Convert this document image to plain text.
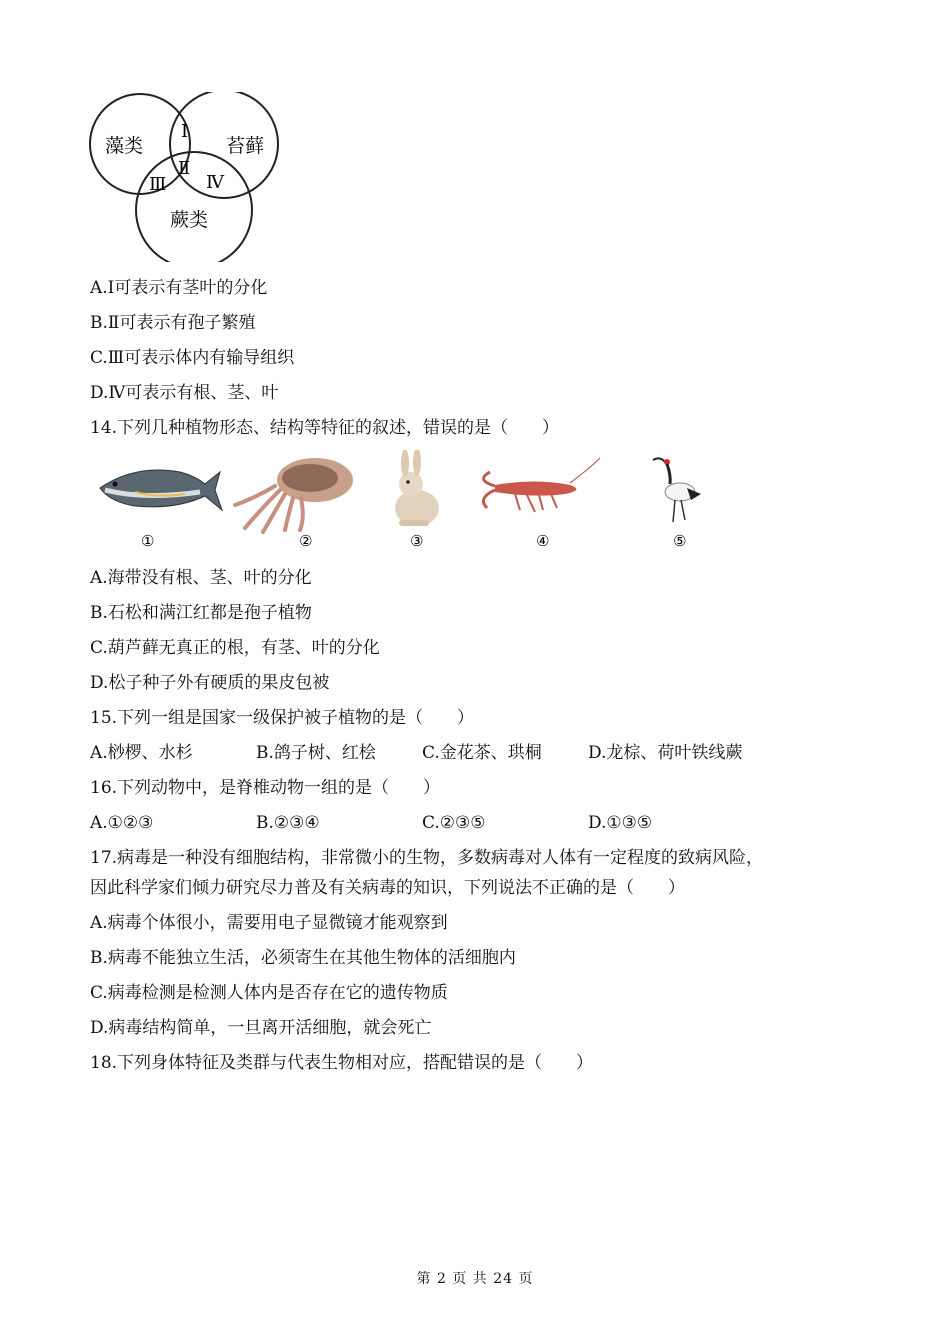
藻类	苔藓
蕨类
Ⅰ
Ⅱ
Ⅲ Ⅳ
A.Ⅰ可表示有茎叶的分化
B.Ⅱ可表示有孢子繁殖
C.Ⅲ可表示体内有输导组织
D.Ⅳ可表示有根、茎、叶
14.下列几种植物形态、结构等特征的叙述，错误的是（　　）
①	②	③	④	⑤
A.海带没有根、茎、叶的分化
B.石松和满江红都是孢子植物
C.葫芦藓无真正的根，有茎、叶的分化
D.松子种子外有硬质的果皮包被
15.下列一组是国家一级保护被子植物的是（　　）
A.桫椤、水杉	B.鸽子树、红桧	C.金花茶、珙桐	D.龙棕、荷叶铁线蕨
16.下列动物中，是脊椎动物一组的是（　　）
A.①②③	B.②③④	C.②③⑤	D.①③⑤
17.病毒是一种没有细胞结构，非常微小的生物，多数病毒对人体有一定程度的致病风险，
因此科学家们倾力研究尽力普及有关病毒的知识，下列说法不正确的是（　　）
A.病毒个体很小，需要用电子显微镜才能观察到
B.病毒不能独立生活，必须寄生在其他生物体的活细胞内
C.病毒检测是检测人体内是否存在它的遗传物质
D.病毒结构简单，一旦离开活细胞，就会死亡
18.下列身体特征及类群与代表生物相对应，搭配错误的是（　　）
第 2 页 共 24 页
